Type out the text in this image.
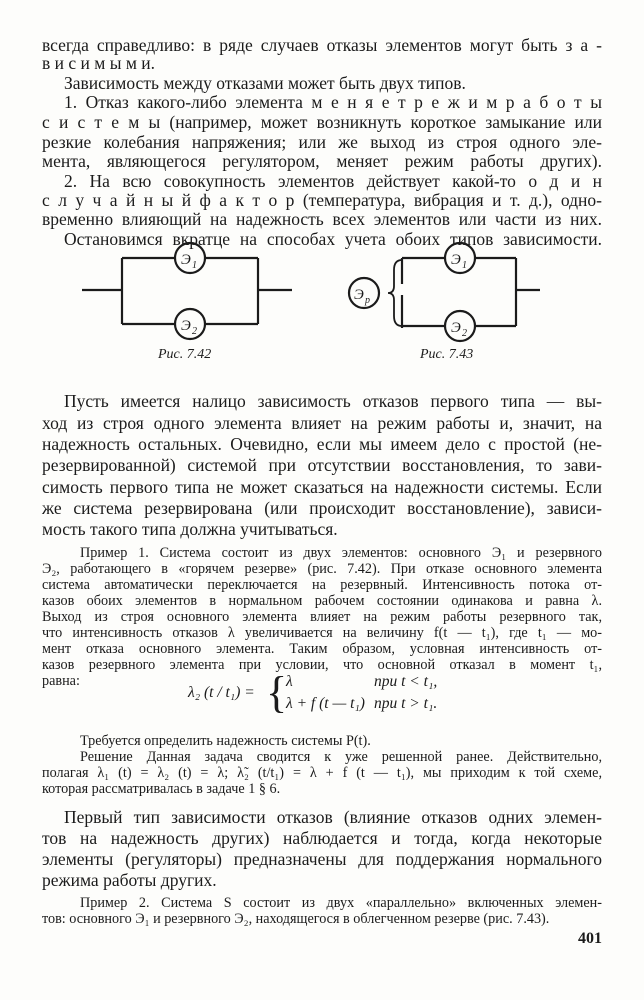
всегда справедливо: в ряде случаев отказы элементов могут быть з а -
в и с и м ы м и.
Зависимость между отказами может быть двух типов.
1. Отказ какого-либо элемента м е н я е т р е ж и м р а б о т ы
с и с т е м ы (например, может возникнуть короткое замыкание или
резкие колебания напряжения; или же выход из строя одного эле-
мента, являющегося регулятором, меняет режим работы других).
2. На всю совокупность элементов действует какой-то о д и н
с л у ч а й н ы й ф а к т о р (температура, вибрация и т. д.), одно-
временно влияющий на надежность всех элементов или части из них.
Остановимся вкратце на способах учета обоих типов зависимости.
Э 1
Э 2
Рис. 7.42
Э р
Э 1
Э 2
Рис. 7.43
Пусть имеется налицо зависимость отказов первого типа — вы-
ход из строя одного элемента влияет на режим работы и, значит, на
надежность остальных. Очевидно, если мы имеем дело с простой (не-
резервированной) системой при отсутствии восстановления, то зави-
симость первого типа не может сказаться на надежности системы. Если
же система резервирована (или происходит восстановление), зависи-
мость такого типа должна учитываться.
Пример 1. Система состоит из двух элементов: основного Э₁ и резервного
Э₂, работающего в «горячем резерве» (рис. 7.42). При отказе основного элемента
система автоматически переключается на резервный. Интенсивность потока от-
казов обоих элементов в нормальном рабочем состоянии одинакова и равна λ.
Выход из строя основного элемента влияет на режим работы резервного так,
что интенсивность отказов λ увеличивается на величину f(t — t₁), где t₁ — мо-
мент отказа основного элемента. Таким образом, условная интенсивность от-
казов резервного элемента при условии, что основной отказал в момент t₁,
равна:
λ₂ (t / t₁) = {
λ
λ + f (t — t₁)
при t < t₁,
при t > t₁.
Требуется определить надежность системы P(t).
Решение Данная задача сводится к уже решенной ранее. Действительно,
полагая λ₁ (t) = λ₂ (t) = λ; λ̃₂ (t/t₁) = λ + f (t — t₁), мы приходим к той схеме,
которая рассматривалась в задаче 1 § 6.
Первый тип зависимости отказов (влияние отказов одних элемен-
тов на надежность других) наблюдается и тогда, когда некоторые
элементы (регуляторы) предназначены для поддержания нормального
режима работы других.
Пример 2. Система S состоит из двух «параллельно» включенных элемен-
тов: основного Э₁ и резервного Э₂, находящегося в облегченном резерве (рис. 7.43).
401
